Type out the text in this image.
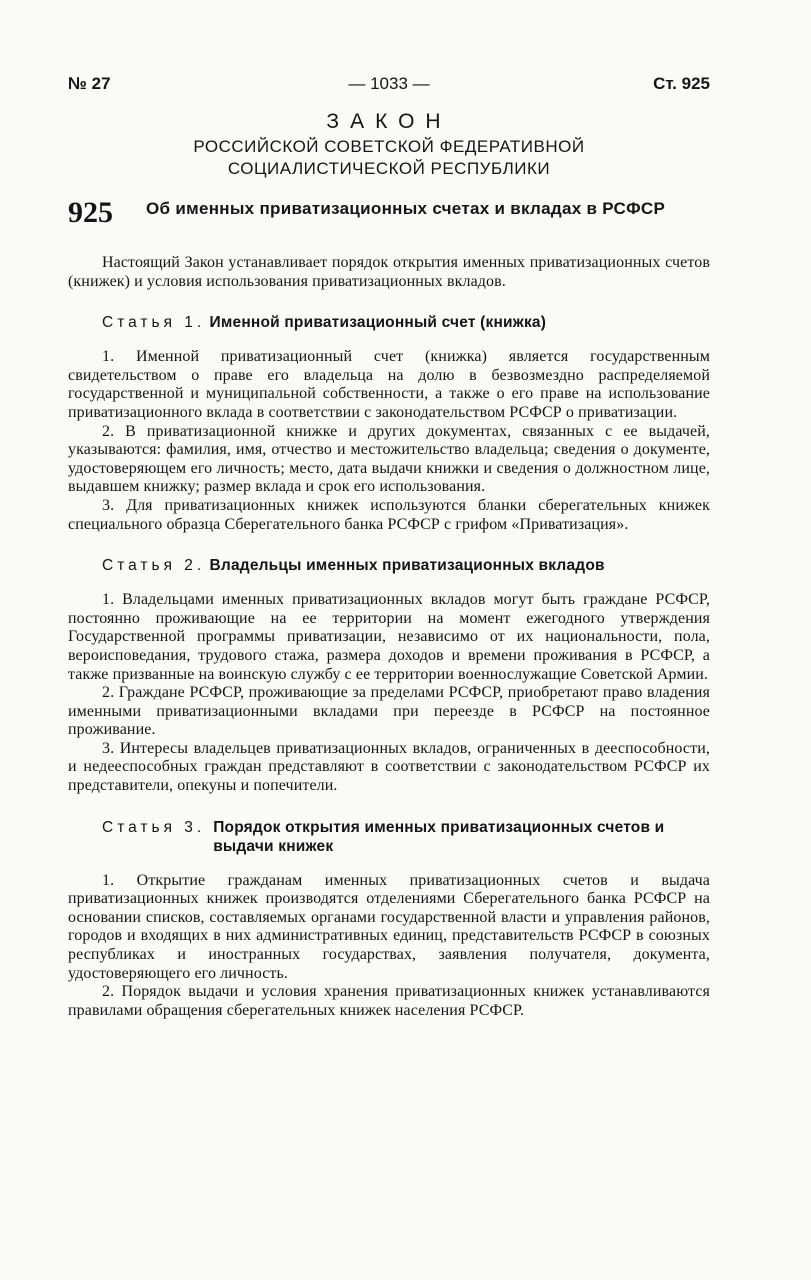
№ 27	— 1033 —	Ст. 925
ЗАКОН
РОССИЙСКОЙ СОВЕТСКОЙ ФЕДЕРАТИВНОЙ
СОЦИАЛИСТИЧЕСКОЙ РЕСПУБЛИКИ
925	Об именных приватизационных счетах и вкладах в РСФСР

Настоящий Закон устанавливает порядок открытия именных приватизационных счетов (книжек) и условия использования приватизационных вкладов.

Статья 1. Именной приватизационный счет (книжка)

1. Именной приватизационный счет (книжка) является государственным свидетельством о праве его владельца на долю в безвозмездно распределяемой государственной и муниципальной собственности, а также о его праве на использование приватизационного вклада в соответствии с законодательством РСФСР о приватизации.

2. В приватизационной книжке и других документах, связанных с ее выдачей, указываются: фамилия, имя, отчество и местожительство владельца; сведения о документе, удостоверяющем его личность; место, дата выдачи книжки и сведения о должностном лице, выдавшем книжку; размер вклада и срок его использования.

3. Для приватизационных книжек используются бланки сберегательных книжек специального образца Сберегательного банка РСФСР с грифом «Приватизация».

Статья 2. Владельцы именных приватизационных вкладов

1. Владельцами именных приватизационных вкладов могут быть граждане РСФСР, постоянно проживающие на ее территории на момент ежегодного утверждения Государственной программы приватизации, независимо от их национальности, пола, вероисповедания, трудового стажа, размера доходов и времени проживания в РСФСР, а также призванные на воинскую службу с ее территории военнослужащие Советской Армии.

2. Граждане РСФСР, проживающие за пределами РСФСР, приобретают право владения именными приватизационными вкладами при переезде в РСФСР на постоянное проживание.

3. Интересы владельцев приватизационных вкладов, ограниченных в дееспособности, и недееспособных граждан представляют в соответствии с законодательством РСФСР их представители, опекуны и попечители.

Статья 3. Порядок открытия именных приватизационных счетов и выдачи книжек

1. Открытие гражданам именных приватизационных счетов и выдача приватизационных книжек производятся отделениями Сберегательного банка РСФСР на основании списков, составляемых органами государственной власти и управления районов, городов и входящих в них административных единиц, представительств РСФСР в союзных республиках и иностранных государствах, заявления получателя, документа, удостоверяющего его личность.

2. Порядок выдачи и условия хранения приватизационных книжек устанавливаются правилами обращения сберегательных книжек населения РСФСР.
